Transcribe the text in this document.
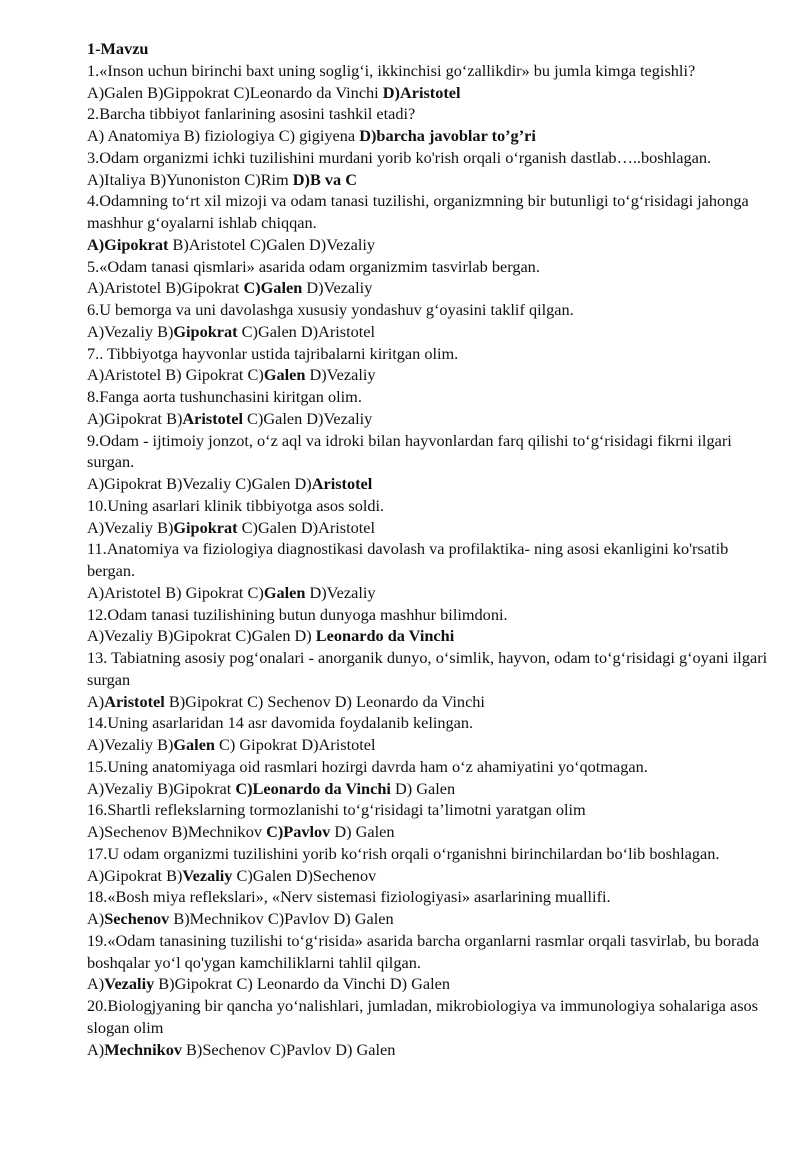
1-Mavzu

1.«Inson uchun birinchi baxt uning soglig‘i, ikkinchisi go‘zallikdir» bu jumla kimga tegishli?

A)Galen B)Gippokrat C)Leonardo da Vinchi D)Aristotel

2.Barcha tibbiyot fanlarining asosini tashkil etadi?

A) Anatomiya B) fiziologiya C) gigiyena D)barcha javoblar to’g’ri

3.Odam organizmi ichki tuzilishini murdani yorib ko'rish orqali o‘rganish dastlab…..boshlagan.

A)Italiya B)Yunoniston C)Rim D)B va C

4.Odamning to‘rt xil mizoji va odam tanasi tuzilishi, organizmning bir butunligi to‘g‘risidagi jahonga mashhur g‘oyalarni ishlab chiqqan.

A)Gipokrat B)Aristotel C)Galen D)Vezaliy

5.«Odam tanasi qismlari» asarida odam organizmim tasvirlab bergan.

A)Aristotel B)Gipokrat C)Galen D)Vezaliy

6.U bemorga va uni davolashga xususiy yondashuv g‘oyasini taklif qilgan.

A)Vezaliy B)Gipokrat C)Galen D)Aristotel

7.. Tibbiyotga hayvonlar ustida tajribalarni kiritgan olim.

A)Aristotel B) Gipokrat C)Galen D)Vezaliy

8.Fanga aorta tushunchasini kiritgan olim.

A)Gipokrat B)Aristotel C)Galen D)Vezaliy

9.Odam - ijtimoiy jonzot, o‘z aql va idroki bilan hayvonlardan farq qilishi to‘g‘risidagi fikrni ilgari surgan.

A)Gipokrat B)Vezaliy C)Galen D)Aristotel

10.Uning asarlari klinik tibbiyotga asos soldi.

A)Vezaliy B)Gipokrat C)Galen D)Aristotel

11.Anatomiya va fiziologiya diagnostikasi davolash va profilaktika- ning asosi ekanligini ko'rsatib bergan.

A)Aristotel B) Gipokrat C)Galen D)Vezaliy

12.Odam tanasi tuzilishining butun dunyoga mashhur bilimdoni.

A)Vezaliy B)Gipokrat C)Galen D) Leonardo da Vinchi

13. Tabiatning asosiy pog‘onalari - anorganik dunyo, o‘simlik, hayvon, odam to‘g‘risidagi g‘oyani ilgari surgan

A)Aristotel B)Gipokrat C) Sechenov D) Leonardo da Vinchi

14.Uning asarlaridan 14 asr davomida foydalanib kelingan.

A)Vezaliy B)Galen C) Gipokrat D)Aristotel

15.Uning anatomiyaga oid rasmlari hozirgi davrda ham o‘z ahamiyatini yo‘qotmagan.

A)Vezaliy B)Gipokrat C)Leonardo da Vinchi D) Galen

16.Shartli reflekslarning tormozlanishi to‘g‘risidagi ta’limotni yaratgan olim

A)Sechenov B)Mechnikov C)Pavlov D) Galen

17.U odam organizmi tuzilishini yorib ko‘rish orqali o‘rganishni birinchilardan bo‘lib boshlagan.

A)Gipokrat B)Vezaliy C)Galen D)Sechenov

18.«Bosh miya reflekslari», «Nerv sistemasi fiziologiyasi» asarlarining muallifi.

A)Sechenov B)Mechnikov C)Pavlov D) Galen

19.«Odam tanasining tuzilishi to‘g‘risida» asarida barcha organlarni rasmlar orqali tasvirlab, bu borada boshqalar yo‘l qo'ygan kamchiliklarni tahlil qilgan.

A)Vezaliy B)Gipokrat C) Leonardo da Vinchi D) Galen

20.Biologjyaning bir qancha yo‘nalishlari, jumladan, mikrobiologiya va immunologiya sohalariga asos slogan olim

A)Mechnikov B)Sechenov C)Pavlov D) Galen
